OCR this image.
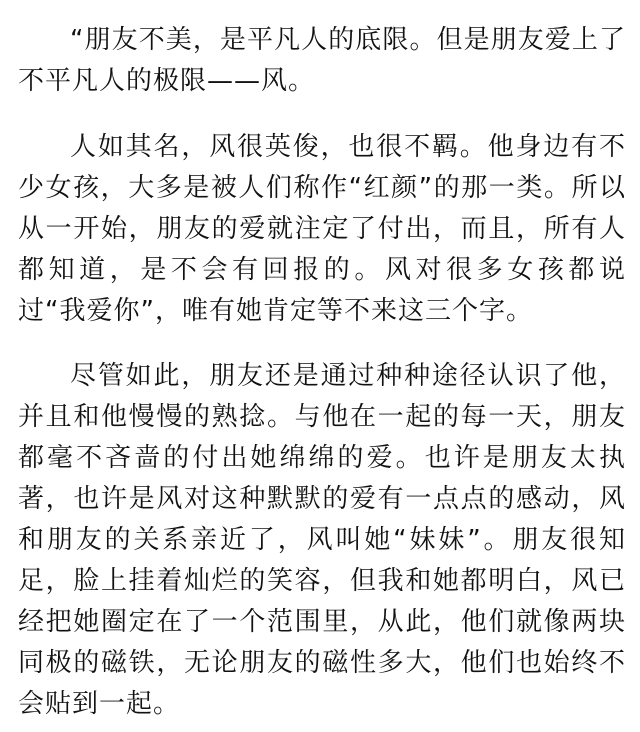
“朋友不美，是平凡人的底限。但是朋友爱上了不平凡人的极限——风。

人如其名，风很英俊，也很不羁。他身边有不少女孩，大多是被人们称作“红颜”的那一类。所以从一开始，朋友的爱就注定了付出，而且，所有人都知道，是不会有回报的。风对很多女孩都说过“我爱你”，唯有她肯定等不来这三个字。

尽管如此，朋友还是通过种种途径认识了他，并且和他慢慢的熟捻。与他在一起的每一天，朋友都毫不吝啬的付出她绵绵的爱。也许是朋友太执著，也许是风对这种默默的爱有一点点的感动，风和朋友的关系亲近了，风叫她“妹妹”。朋友很知足，脸上挂着灿烂的笑容，但我和她都明白，风已经把她圈定在了一个范围里，从此，他们就像两块同极的磁铁，无论朋友的磁性多大，他们也始终不会贴到一起。
